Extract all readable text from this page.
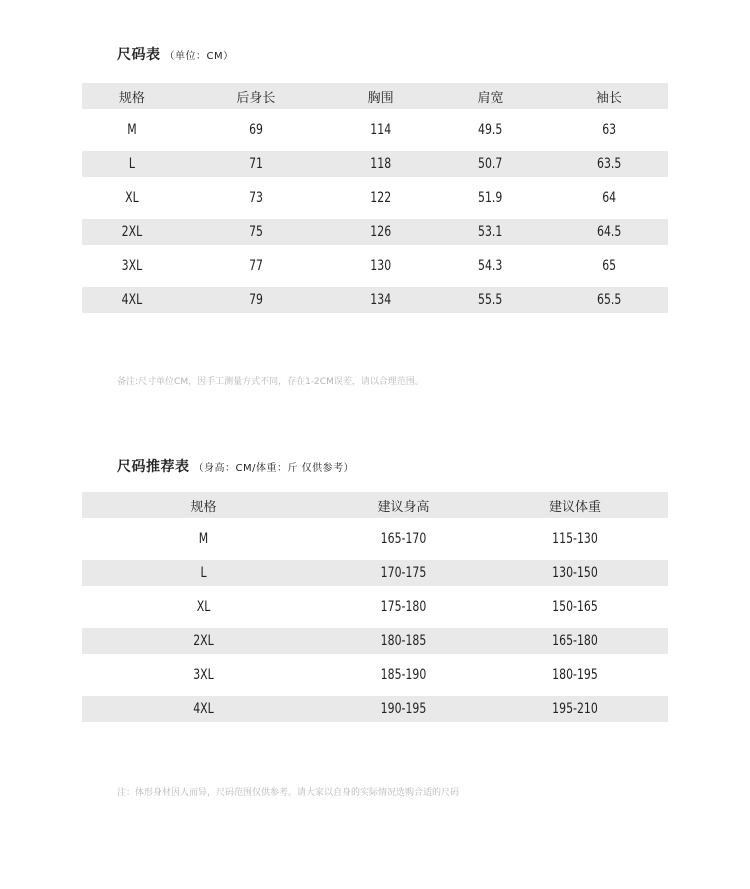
尺码表 （单位：CM）
规格	后身长	胸围	肩宽	袖长
M	69	114	49.5	63
L	71	118	50.7	63.5
XL	73	122	51.9	64
2XL	75	126	53.1	64.5
3XL	77	130	54.3	65
4XL	79	134	55.5	65.5
备注:尺寸单位CM，因手工测量方式不同，存在1-2CM误差，请以合理范围。
尺码推荐表 （身高：CM/体重：斤 仅供参考）
规格	建议身高	建议体重
M	165-170	115-130
L	170-175	130-150
XL	175-180	150-165
2XL	180-185	165-180
3XL	185-190	180-195
4XL	190-195	195-210
注：体形身材因人而异，尺码范围仅供参考。请大家以自身的实际情况选购合适的尺码
